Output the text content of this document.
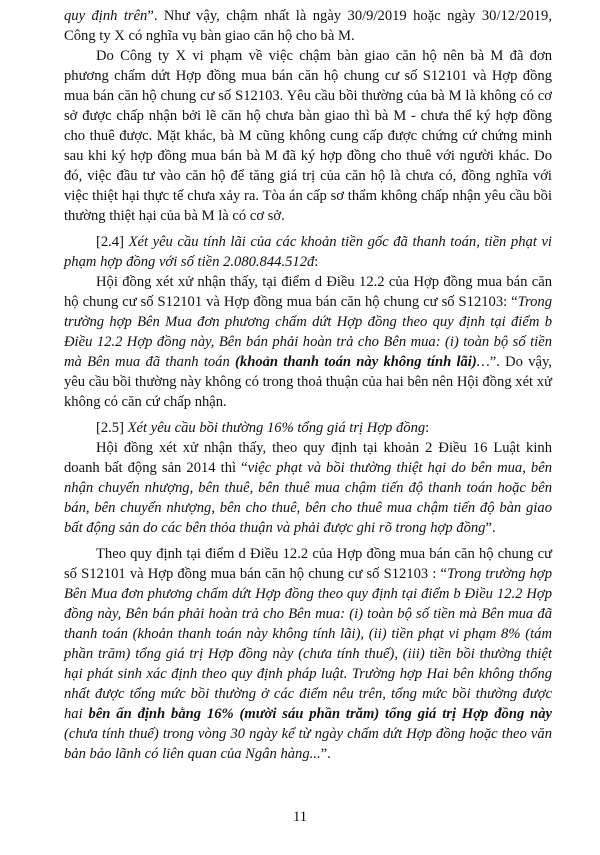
quy định trên”. Như vậy, chậm nhất là ngày 30/9/2019 hoặc ngày 30/12/2019, Công ty X có nghĩa vụ bàn giao căn hộ cho bà M.

Do Công ty X vi phạm về việc chậm bàn giao căn hộ nên bà M đã đơn phương chấm dứt Hợp đồng mua bán căn hộ chung cư số S12101 và Hợp đồng mua bán căn hộ chung cư số S12103. Yêu cầu bồi thường của bà M là không có cơ sở được chấp nhận bởi lẽ căn hộ chưa bàn giao thì bà M - chưa thể ký hợp đồng cho thuê được. Mặt khác, bà M cũng không cung cấp được chứng cứ chứng minh sau khi ký hợp đồng mua bán bà M đã ký hợp đồng cho thuê với người khác. Do đó, việc đầu tư vào căn hộ để tăng giá trị của căn hộ là chưa có, đồng nghĩa với việc thiệt hại thực tế chưa xảy ra. Tòa án cấp sơ thẩm không chấp nhận yêu cầu bồi thường thiệt hại của bà M là có cơ sở.

[2.4] Xét yêu cầu tính lãi của các khoản tiền gốc đã thanh toán, tiền phạt vi phạm hợp đồng với số tiền 2.080.844.512đ:

Hội đồng xét xử nhận thấy, tại điểm d Điều 12.2 của Hợp đồng mua bán căn hộ chung cư số S12101 và Hợp đồng mua bán căn hộ chung cư số S12103: “Trong trường hợp Bên Mua đơn phương chấm dứt Hợp đồng theo quy định tại điểm b Điều 12.2 Hợp đồng này, Bên bán phải hoàn trả cho Bên mua: (i) toàn bộ số tiền mà Bên mua đã thanh toán (khoản thanh toán này không tính lãi)…”. Do vậy, yêu cầu bồi thường này không có trong thoả thuận của hai bên nên Hội đồng xét xử không có căn cứ chấp nhận.

[2.5] Xét yêu cầu bồi thường 16% tổng giá trị Hợp đồng:

Hội đồng xét xử nhận thấy, theo quy định tại khoản 2 Điều 16 Luật kinh doanh bất động sản 2014 thì “việc phạt và bồi thường thiệt hại do bên mua, bên nhận chuyển nhượng, bên thuê, bên thuê mua chậm tiến độ thanh toán hoặc bên bán, bên chuyển nhượng, bên cho thuê, bên cho thuê mua chậm tiến độ bàn giao bất động sản do các bên thỏa thuận và phải được ghi rõ trong hợp đồng”.

Theo quy định tại điểm d Điều 12.2 của Hợp đồng mua bán căn hộ chung cư số S12101 và Hợp đồng mua bán căn hộ chung cư số S12103 : “Trong trường hợp Bên Mua đơn phương chấm dứt Hợp đồng theo quy định tại điểm b Điều 12.2 Hợp đồng này, Bên bán phải hoàn trả cho Bên mua: (i) toàn bộ số tiền mà Bên mua đã thanh toán (khoản thanh toán này không tính lãi), (ii) tiền phạt vi phạm 8% (tám phần trăm) tổng giá trị Hợp đồng này (chưa tính thuế), (iii) tiền bồi thường thiệt hại phát sinh xác định theo quy định pháp luật. Trường hợp Hai bên không thống nhất được tổng mức bồi thường ở các điểm nêu trên, tổng mức bồi thường được hai bên ấn định bằng 16% (mười sáu phần trăm) tổng giá trị Hợp đồng này (chưa tính thuế) trong vòng 30 ngày kể từ ngày chấm dứt Hợp đồng hoặc theo văn bản bảo lãnh có liên quan của Ngân hàng...”.

11
